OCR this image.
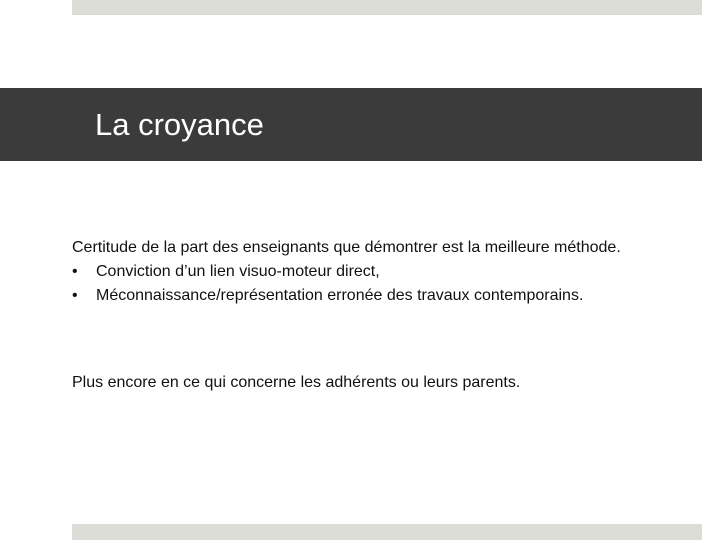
La croyance
Certitude de la part des enseignants que démontrer est la meilleure méthode.
•	Conviction d’un lien visuo-moteur direct,
•	Méconnaissance/représentation erronée des travaux contemporains.
Plus encore en ce qui concerne les adhérents ou leurs parents.
